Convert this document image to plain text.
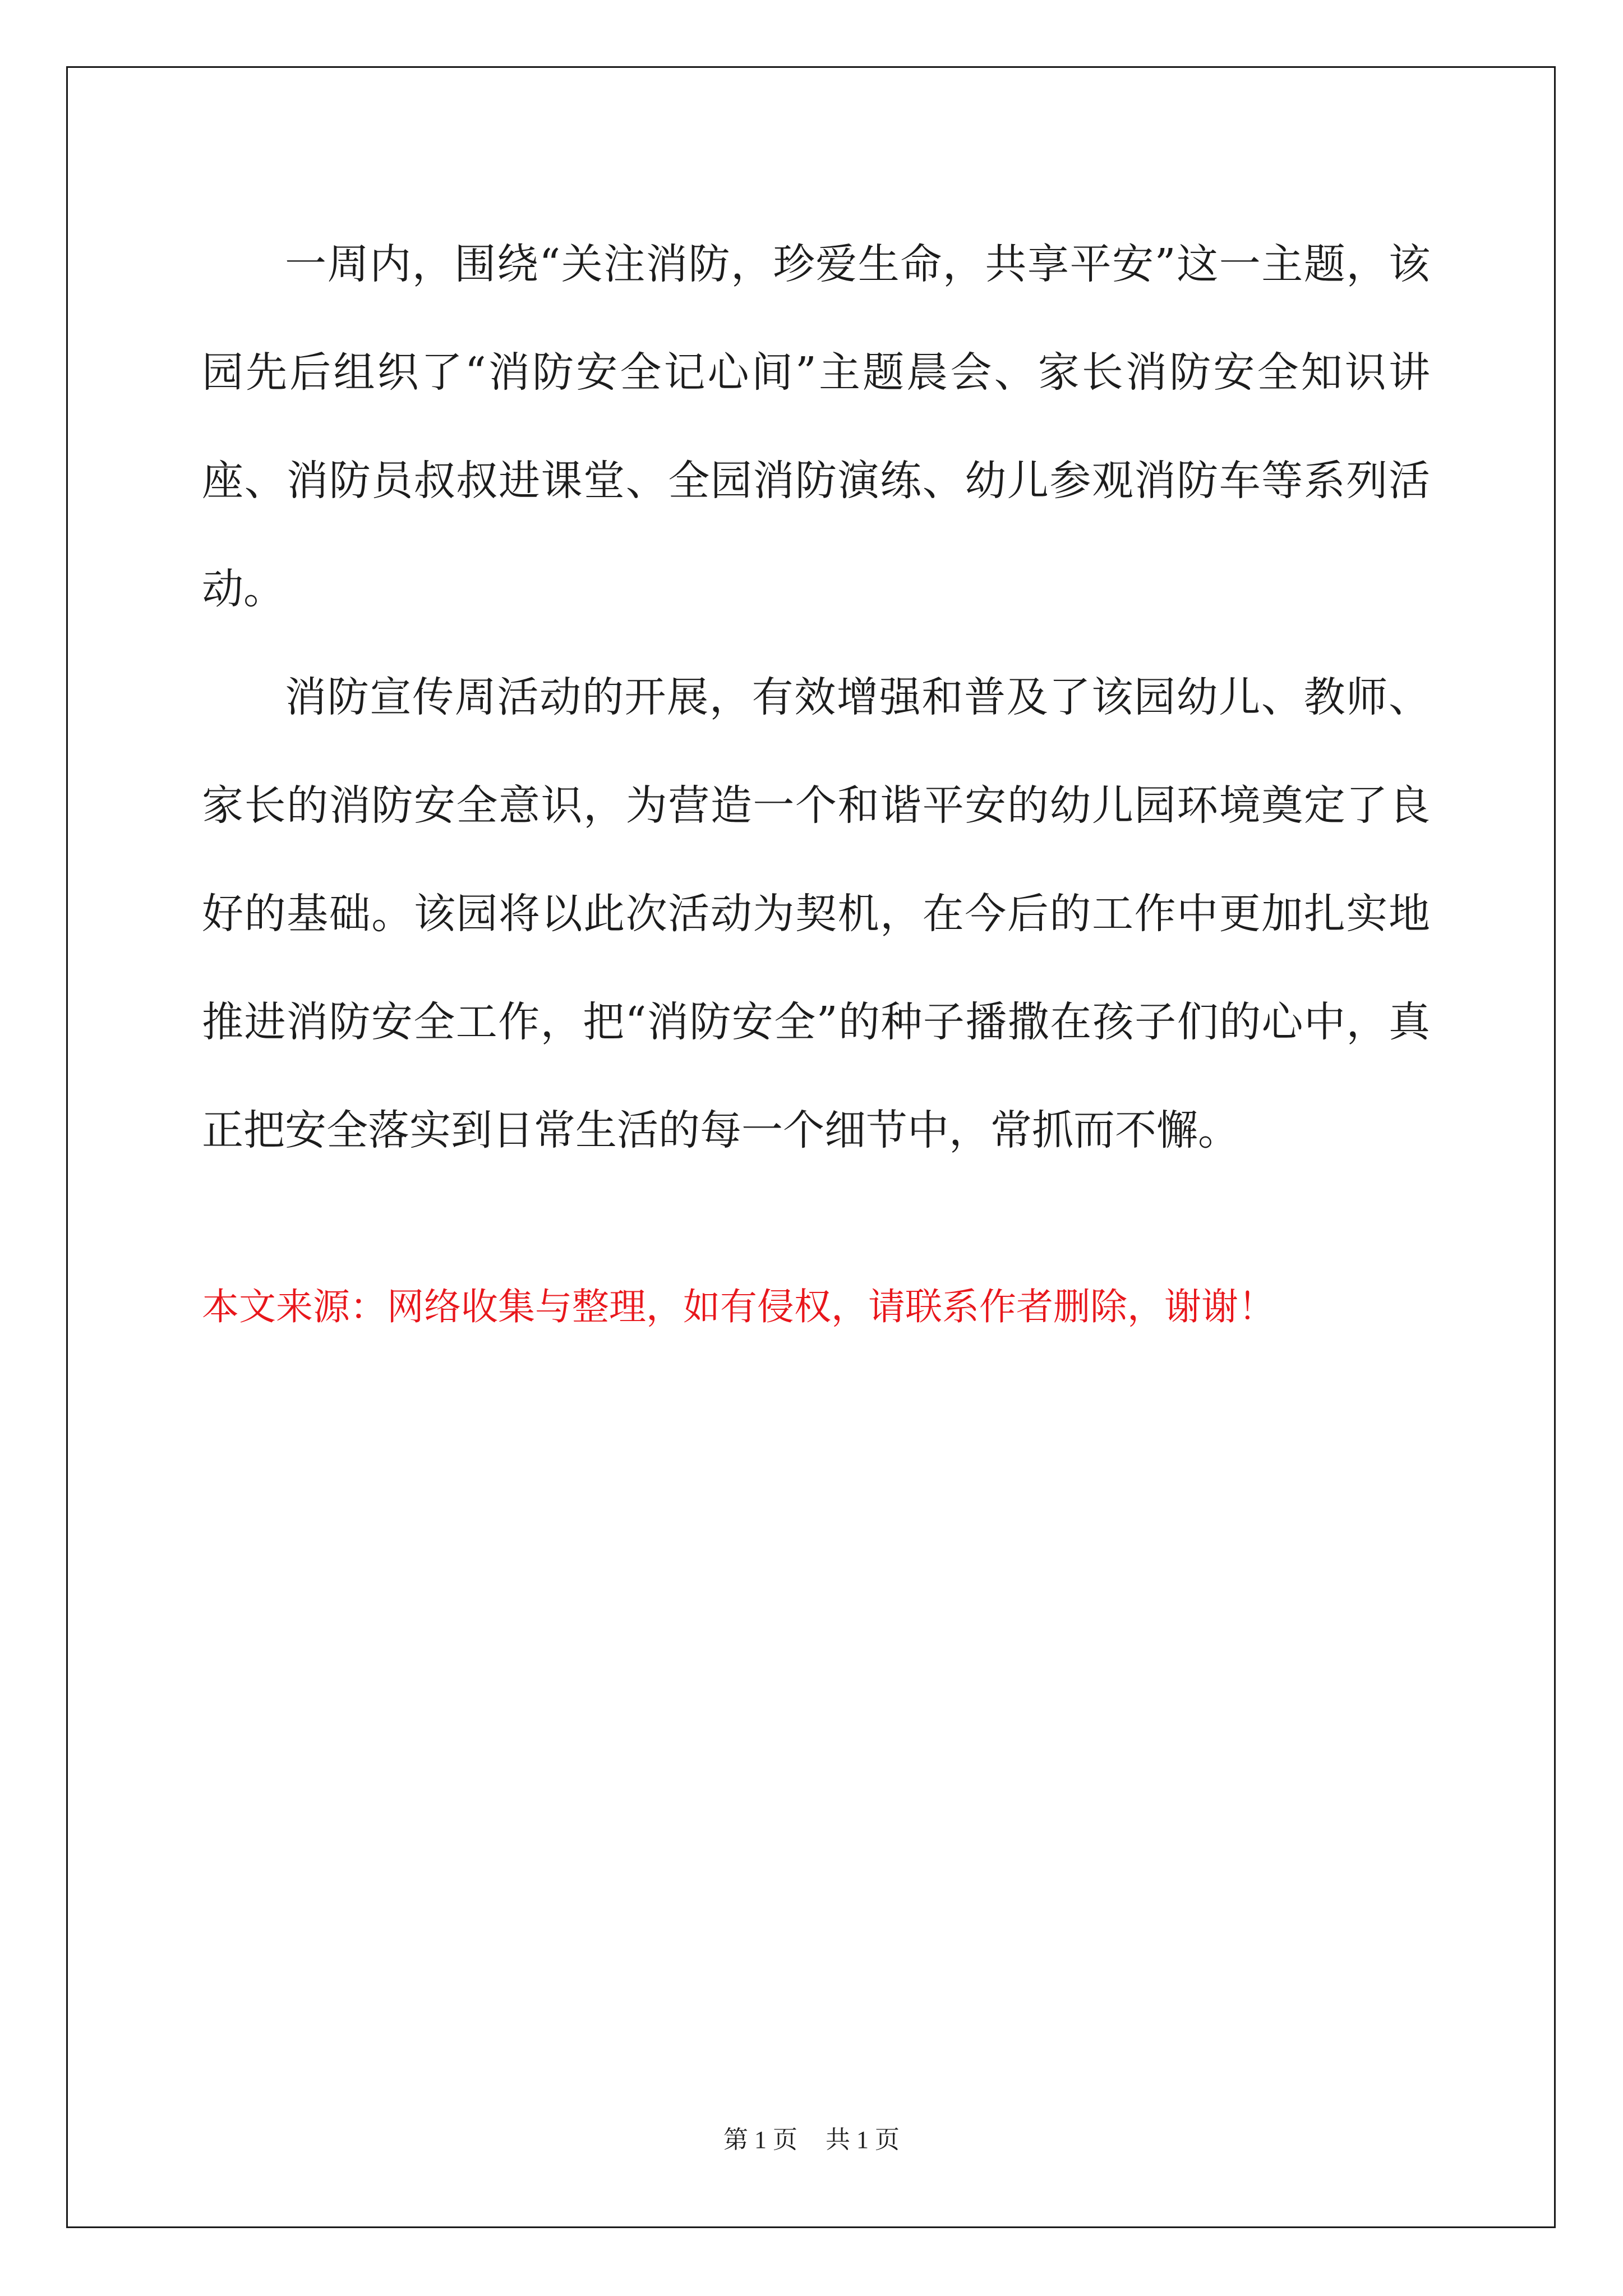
一周内，围绕“关注消防，珍爱生命，共享平安”这一主题，该园先后组织了“消防安全记心间”主题晨会、家长消防安全知识讲座、消防员叔叔进课堂、全园消防演练、幼儿参观消防车等系列活动。

消防宣传周活动的开展，有效增强和普及了该园幼儿、教师、家长的消防安全意识，为营造一个和谐平安的幼儿园环境奠定了良好的基础。该园将以此次活动为契机，在今后的工作中更加扎实地推进消防安全工作，把“消防安全”的种子播撒在孩子们的心中，真正把安全落实到日常生活的每一个细节中，常抓而不懈。

本文来源：网络收集与整理，如有侵权，请联系作者删除，谢谢！
第 1 页 共 1 页
